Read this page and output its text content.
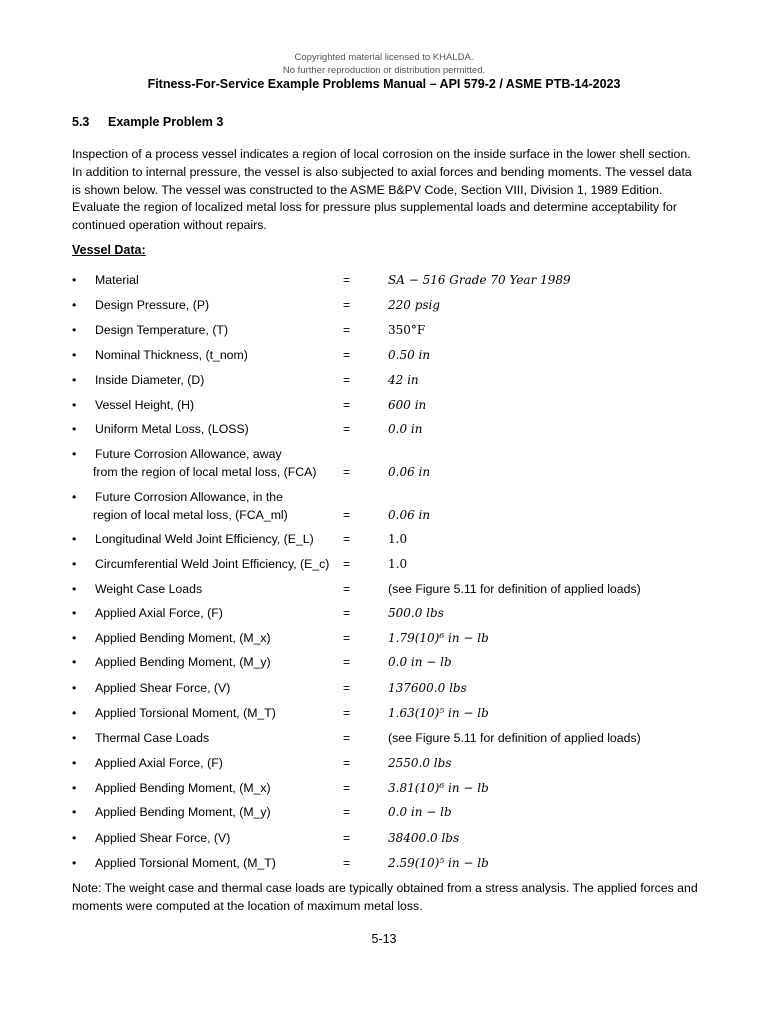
Copyrighted material licensed to KHALDA.
No further reproduction or distribution permitted.
Fitness-For-Service Example Problems Manual – API 579-2 / ASME PTB-14-2023
5.3 Example Problem 3
Inspection of a process vessel indicates a region of local corrosion on the inside surface in the lower shell section. In addition to internal pressure, the vessel is also subjected to axial forces and bending moments. The vessel data is shown below. The vessel was constructed to the ASME B&PV Code, Section VIII, Division 1, 1989 Edition. Evaluate the region of localized metal loss for pressure plus supplemental loads and determine acceptability for continued operation without repairs.
Vessel Data:
•	Material	=	SA − 516 Grade 70 Year 1989
•	Design Pressure, (P)	=	220 psig
•	Design Temperature, (T)	=	350°F
•	Nominal Thickness, (t_nom)	=	0.50 in
•	Inside Diameter, (D)	=	42 in
•	Vessel Height, (H)	=	600 in
•	Uniform Metal Loss, (LOSS)	=	0.0 in
•	Future Corrosion Allowance, away
from the region of local metal loss, (FCA) =	0.06 in
•	Future Corrosion Allowance, in the
region of local metal loss, (FCA_ml)	=	0.06 in
•	Longitudinal Weld Joint Efficiency, (E_L) =	1.0
•	Circumferential Weld Joint Efficiency, (E_c) =	1.0
•	Weight Case Loads	=	(see Figure 5.11 for definition of applied loads)
•	Applied Axial Force, (F)	=	500.0 lbs
•	Applied Bending Moment, (M_x)	=	1.79(10)⁶ in − lb
•	Applied Bending Moment, (M_y)	=	0.0 in − lb
•	Applied Shear Force, (V)	=	137600.0 lbs
•	Applied Torsional Moment, (M_T)	=	1.63(10)⁵ in − lb
•	Thermal Case Loads	=	(see Figure 5.11 for definition of applied loads)
•	Applied Axial Force, (F)	=	2550.0 lbs
•	Applied Bending Moment, (M_x)	=	3.81(10)⁶ in − lb
•	Applied Bending Moment, (M_y)	=	0.0 in − lb
•	Applied Shear Force, (V)	=	38400.0 lbs
•	Applied Torsional Moment, (M_T)	=	2.59(10)⁵ in − lb
Note: The weight case and thermal case loads are typically obtained from a stress analysis. The applied forces and moments were computed at the location of maximum metal loss.
5-13
